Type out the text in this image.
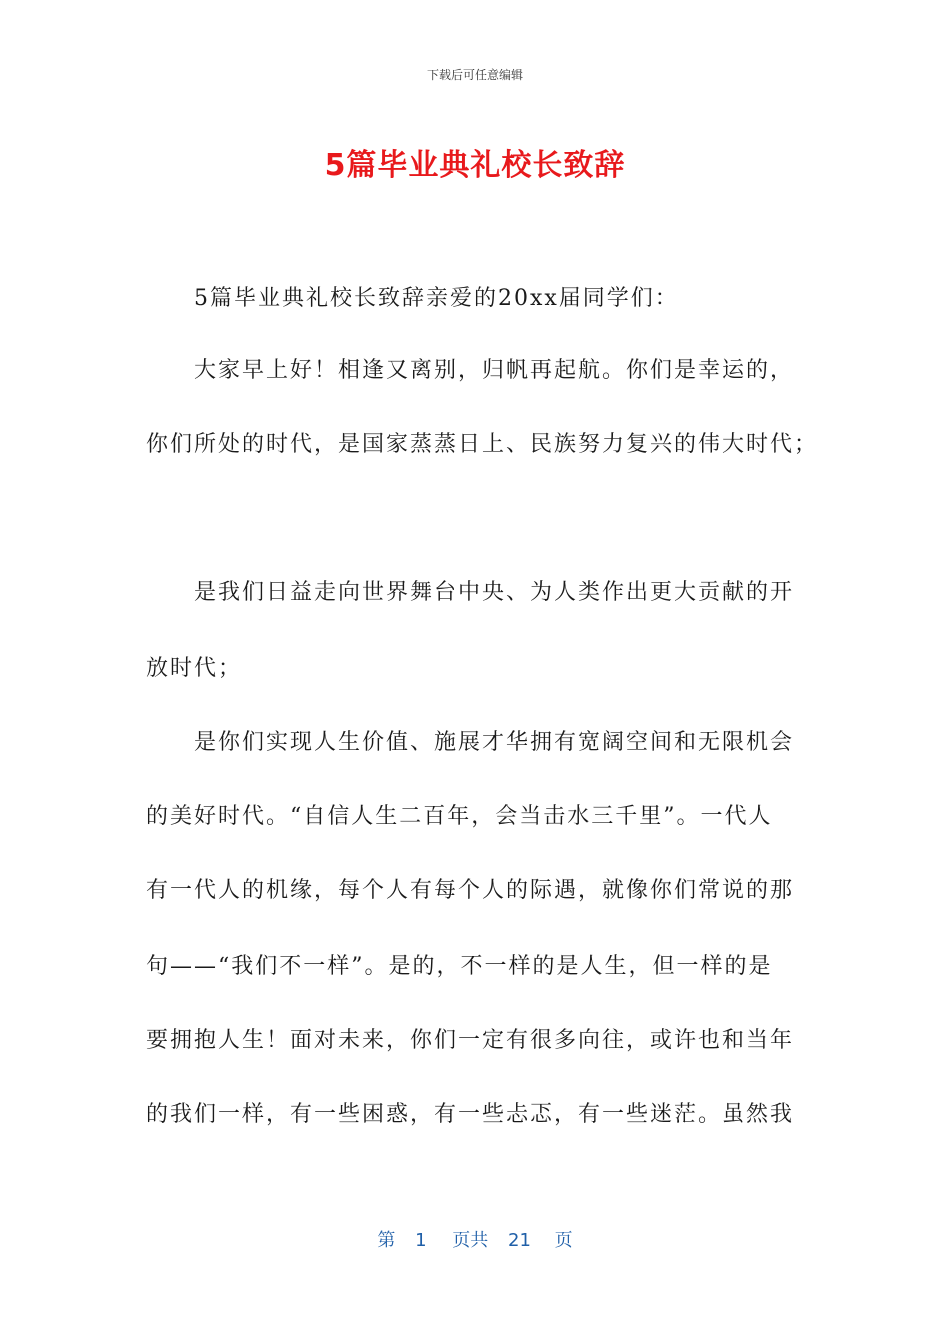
下载后可任意编辑
5篇毕业典礼校长致辞
5篇毕业典礼校长致辞亲爱的20xx届同学们：
大家早上好！相逢又离别，归帆再起航。你们是幸运的，
你们所处的时代，是国家蒸蒸日上、民族努力复兴的伟大时代；
是我们日益走向世界舞台中央、为人类作出更大贡献的开
放时代；
是你们实现人生价值、施展才华拥有宽阔空间和无限机会
的美好时代。“自信人生二百年，会当击水三千里”。一代人
有一代人的机缘，每个人有每个人的际遇，就像你们常说的那
句——“我们不一样”。是的，不一样的是人生，但一样的是
要拥抱人生！面对未来，你们一定有很多向往，或许也和当年
的我们一样，有一些困惑，有一些忐忑，有一些迷茫。虽然我
第 1 页共 21 页
